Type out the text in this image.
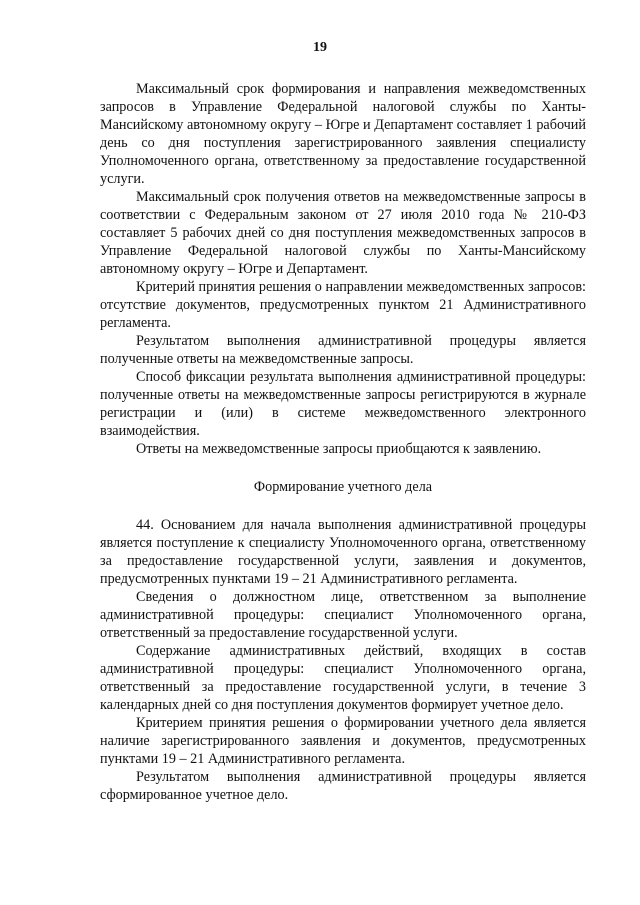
19

Максимальный срок формирования и направления межведомственных запросов в Управление Федеральной налоговой службы по Ханты-Мансийскому автономному округу – Югре и Департамент составляет 1 рабочий день со дня поступления зарегистрированного заявления специалисту Уполномоченного органа, ответственному за предоставление государственной услуги.

Максимальный срок получения ответов на межведомственные запросы в соответствии с Федеральным законом от 27 июля 2010 года № 210-ФЗ составляет 5 рабочих дней со дня поступления межведомственных запросов в Управление Федеральной налоговой службы по Ханты-Мансийскому автономному округу – Югре и Департамент.

Критерий принятия решения о направлении межведомственных запросов: отсутствие документов, предусмотренных пунктом 21 Административного регламента.

Результатом выполнения административной процедуры является полученные ответы на межведомственные запросы.

Способ фиксации результата выполнения административной процедуры: полученные ответы на межведомственные запросы регистрируются в журнале регистрации и (или) в системе межведомственного электронного взаимодействия.

Ответы на межведомственные запросы приобщаются к заявлению.

Формирование учетного дела

44. Основанием для начала выполнения административной процедуры является поступление к специалисту Уполномоченного органа, ответственному за предоставление государственной услуги, заявления и документов, предусмотренных пунктами 19 – 21 Административного регламента.

Сведения о должностном лице, ответственном за выполнение административной процедуры: специалист Уполномоченного органа, ответственный за предоставление государственной услуги.

Содержание административных действий, входящих в состав административной процедуры: специалист Уполномоченного органа, ответственный за предоставление государственной услуги, в течение 3 календарных дней со дня поступления документов формирует учетное дело.

Критерием принятия решения о формировании учетного дела является наличие зарегистрированного заявления и документов, предусмотренных пунктами 19 – 21 Административного регламента.

Результатом выполнения административной процедуры является сформированное учетное дело.
